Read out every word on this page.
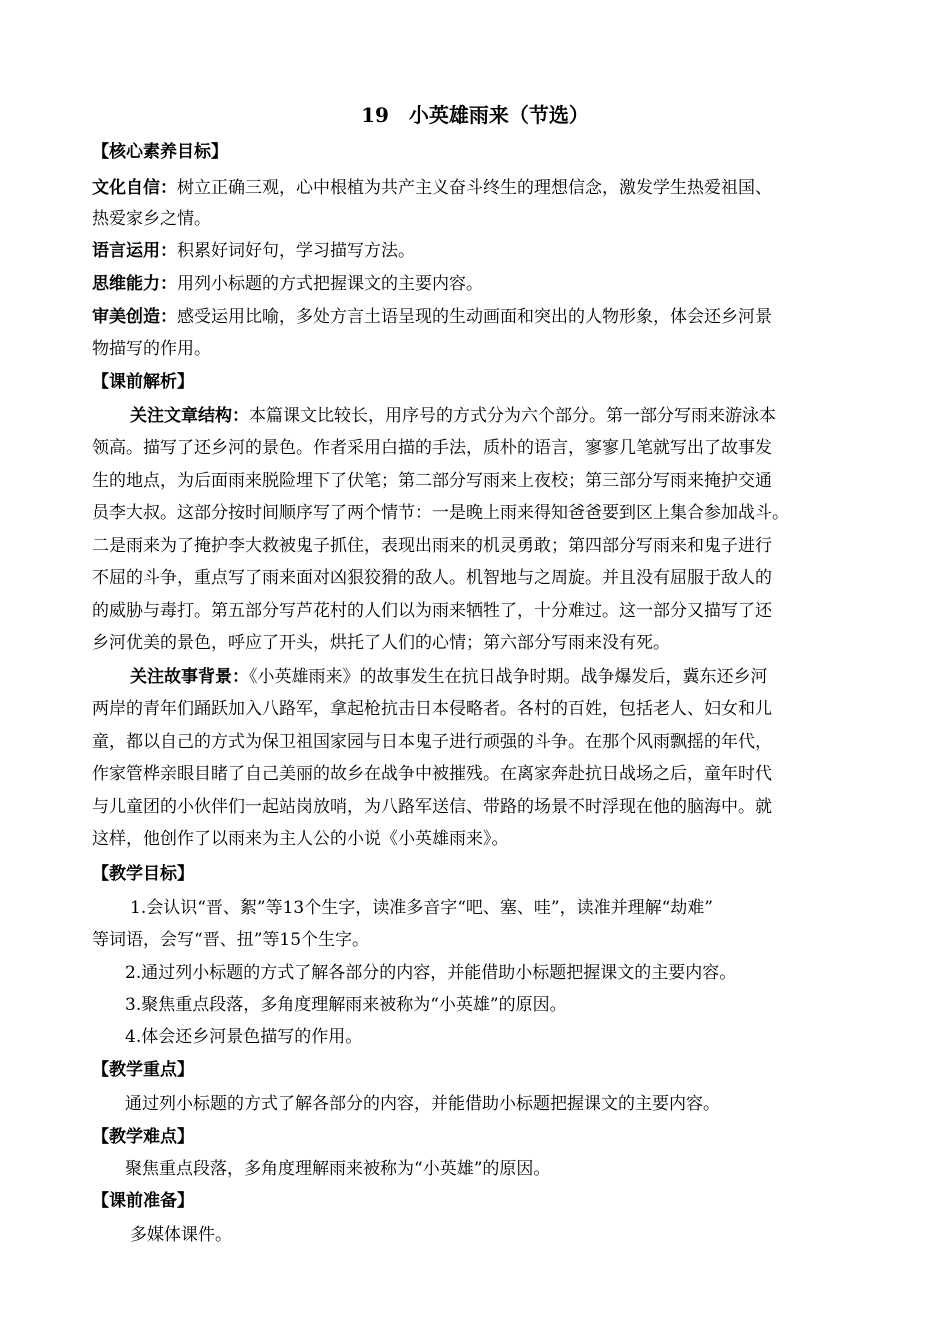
19　小英雄雨来（节选）
【核心素养目标】
文化自信：树立正确三观，心中根植为共产主义奋斗终生的理想信念，激发学生热爱祖国、
热爱家乡之情。
语言运用：积累好词好句，学习描写方法。
思维能力：用列小标题的方式把握课文的主要内容。
审美创造：感受运用比喻，多处方言土语呈现的生动画面和突出的人物形象，体会还乡河景
物描写的作用。
【课前解析】
关注文章结构：本篇课文比较长，用序号的方式分为六个部分。第一部分写雨来游泳本
领高。描写了还乡河的景色。作者采用白描的手法，质朴的语言，寥寥几笔就写出了故事发
生的地点，为后面雨来脱险埋下了伏笔；第二部分写雨来上夜校；第三部分写雨来掩护交通
员李大叔。这部分按时间顺序写了两个情节：一是晚上雨来得知爸爸要到区上集合参加战斗。
二是雨来为了掩护李大救被鬼子抓住，表现出雨来的机灵勇敢；第四部分写雨来和鬼子进行
不屈的斗争，重点写了雨来面对凶狠狡猾的敌人。机智地与之周旋。并且没有屈服于敌人的
的威胁与毒打。第五部分写芦花村的人们以为雨来牺牲了，十分难过。这一部分又描写了还
乡河优美的景色，呼应了开头，烘托了人们的心情；第六部分写雨来没有死。
关注故事背景：《小英雄雨来》的故事发生在抗日战争时期。战争爆发后，冀东还乡河
两岸的青年们踊跃加入八路军，拿起枪抗击日本侵略者。各村的百姓，包括老人、妇女和儿
童，都以自己的方式为保卫祖国家园与日本鬼子进行顽强的斗争。在那个风雨飘摇的年代，
作家管桦亲眼目睹了自己美丽的故乡在战争中被摧残。在离家奔赴抗日战场之后，童年时代
与儿童团的小伙伴们一起站岗放哨，为八路军送信、带路的场景不时浮现在他的脑海中。就
这样，他创作了以雨来为主人公的小说《小英雄雨来》。
【教学目标】
1.会认识“晋、絮”等13个生字，读准多音字“吧、塞、哇”，读准并理解“劫难”
等词语，会写“晋、扭”等15个生字。
2.通过列小标题的方式了解各部分的内容，并能借助小标题把握课文的主要内容。
3.聚焦重点段落，多角度理解雨来被称为“小英雄”的原因。
4.体会还乡河景色描写的作用。
【教学重点】
通过列小标题的方式了解各部分的内容，并能借助小标题把握课文的主要内容。
【教学难点】
聚焦重点段落，多角度理解雨来被称为“小英雄”的原因。
【课前准备】
多媒体课件。
